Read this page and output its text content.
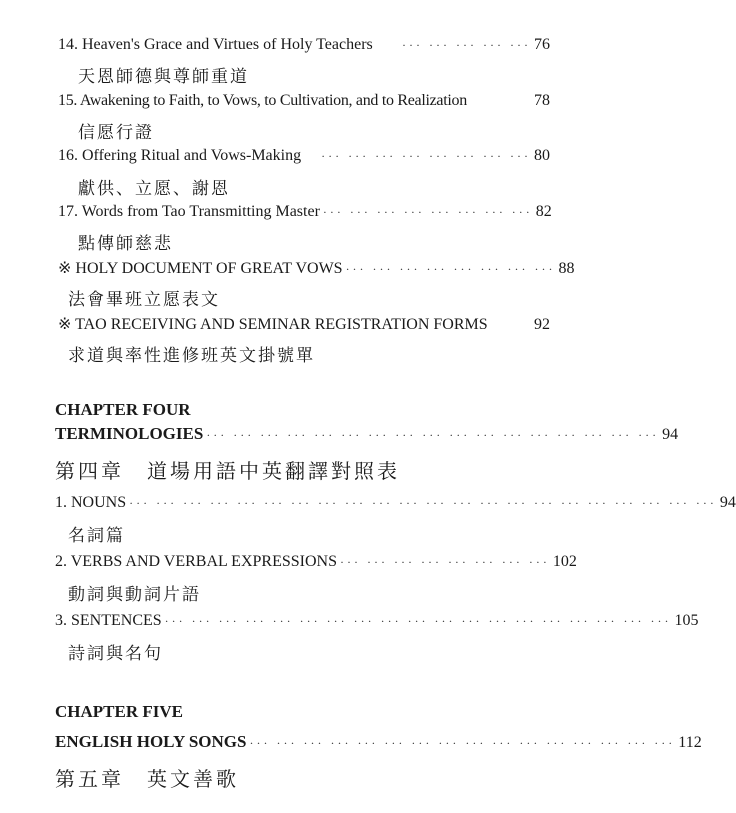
14. Heaven's Grace and Virtues of Holy Teachers	··· ··· ··· ··· ··· 76
天恩師德與尊師重道
15. Awakening to Faith, to Vows, to Cultivation, and to Realization	78
信愿行證
16. Offering Ritual and Vows-Making	··· ··· ··· ··· ··· ··· ··· ··· 80
獻供、立愿、謝恩
17. Words from Tao Transmitting Master ··· ··· ··· ··· ··· ··· ··· ··· 82
點傳師慈悲
※ HOLY DOCUMENT OF GREAT VOWS ··· ··· ··· ··· ··· ··· ··· ··· 88
法會畢班立愿表文
※ TAO RECEIVING AND SEMINAR REGISTRATION FORMS	92
求道與率性進修班英文掛號單
CHAPTER FOUR
TERMINOLOGIES ··· ··· ··· ··· ··· ··· ··· ··· ··· ··· ··· ··· ··· ··· ··· ··· ··· 94
第四章　道場用語中英翻譯對照表
1. NOUNS ··· ··· ··· ··· ··· ··· ··· ··· ··· ··· ··· ··· ··· ··· ··· ··· ··· ··· ··· ··· ··· ··· 94
名詞篇
2. VERBS AND VERBAL EXPRESSIONS ··· ··· ··· ··· ··· ··· ··· ··· 102
動詞與動詞片語
3. SENTENCES ··· ··· ··· ··· ··· ··· ··· ··· ··· ··· ··· ··· ··· ··· ··· ··· ··· ··· ··· 105
詩詞與名句
CHAPTER FIVE
ENGLISH HOLY SONGS ··· ··· ··· ··· ··· ··· ··· ··· ··· ··· ··· ··· ··· ··· ··· ··· 112
第五章　英文善歌
